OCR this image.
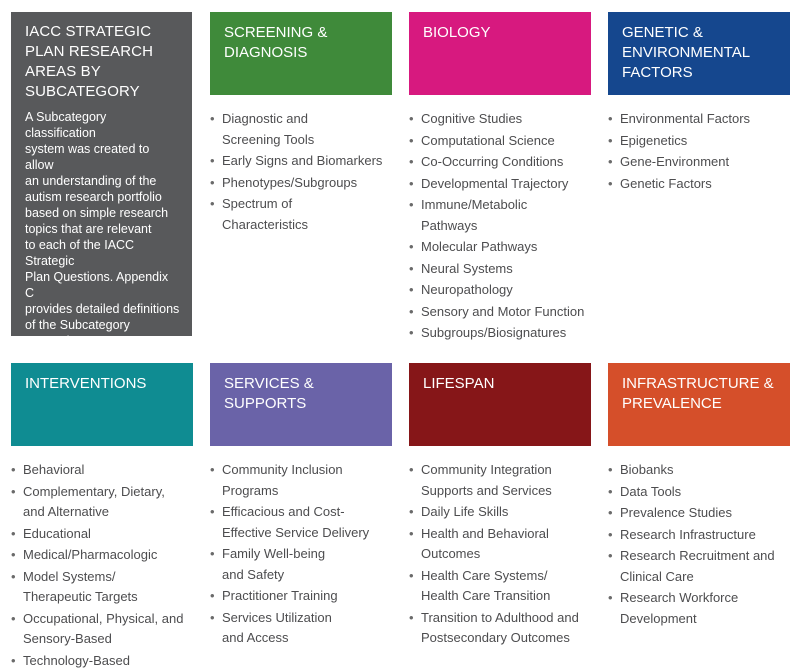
IACC STRATEGIC PLAN RESEARCH AREAS BY SUBCATEGORY

A Subcategory classification
system was created to allow
an understanding of the
autism research portfolio
based on simple research
topics that are relevant
to each of the IACC Strategic
Plan Questions. Appendix C
provides detailed definitions
of the Subcategory
research areas.

SCREENING &
DIAGNOSIS
• Diagnostic and
Screening Tools
• Early Signs and Biomarkers
• Phenotypes/Subgroups
• Spectrum of
Characteristics
BIOLOGY
• Cognitive Studies
• Computational Science
• Co-Occurring Conditions
• Developmental Trajectory
• Immune/Metabolic
Pathways
• Molecular Pathways
• Neural Systems
• Neuropathology
• Sensory and Motor Function
• Subgroups/Biosignatures
GENETIC &
ENVIRONMENTAL
FACTORS
• Environmental Factors
• Epigenetics
• Gene-Environment
• Genetic Factors
INTERVENTIONS
• Behavioral
• Complementary, Dietary,
and Alternative
• Educational
• Medical/Pharmacologic
• Model Systems/
Therapeutic Targets
• Occupational, Physical, and
Sensory-Based
• Technology-Based
SERVICES &
SUPPORTS
• Community Inclusion
Programs
• Efficacious and Cost-
Effective Service Delivery
• Family Well-being
and Safety
• Practitioner Training
• Services Utilization
and Access
LIFESPAN
• Community Integration
Supports and Services
• Daily Life Skills
• Health and Behavioral
Outcomes
• Health Care Systems/
Health Care Transition
• Transition to Adulthood and
Postsecondary Outcomes
INFRASTRUCTURE &
PREVALENCE
• Biobanks
• Data Tools
• Prevalence Studies
• Research Infrastructure
• Research Recruitment and
Clinical Care
• Research Workforce
Development
